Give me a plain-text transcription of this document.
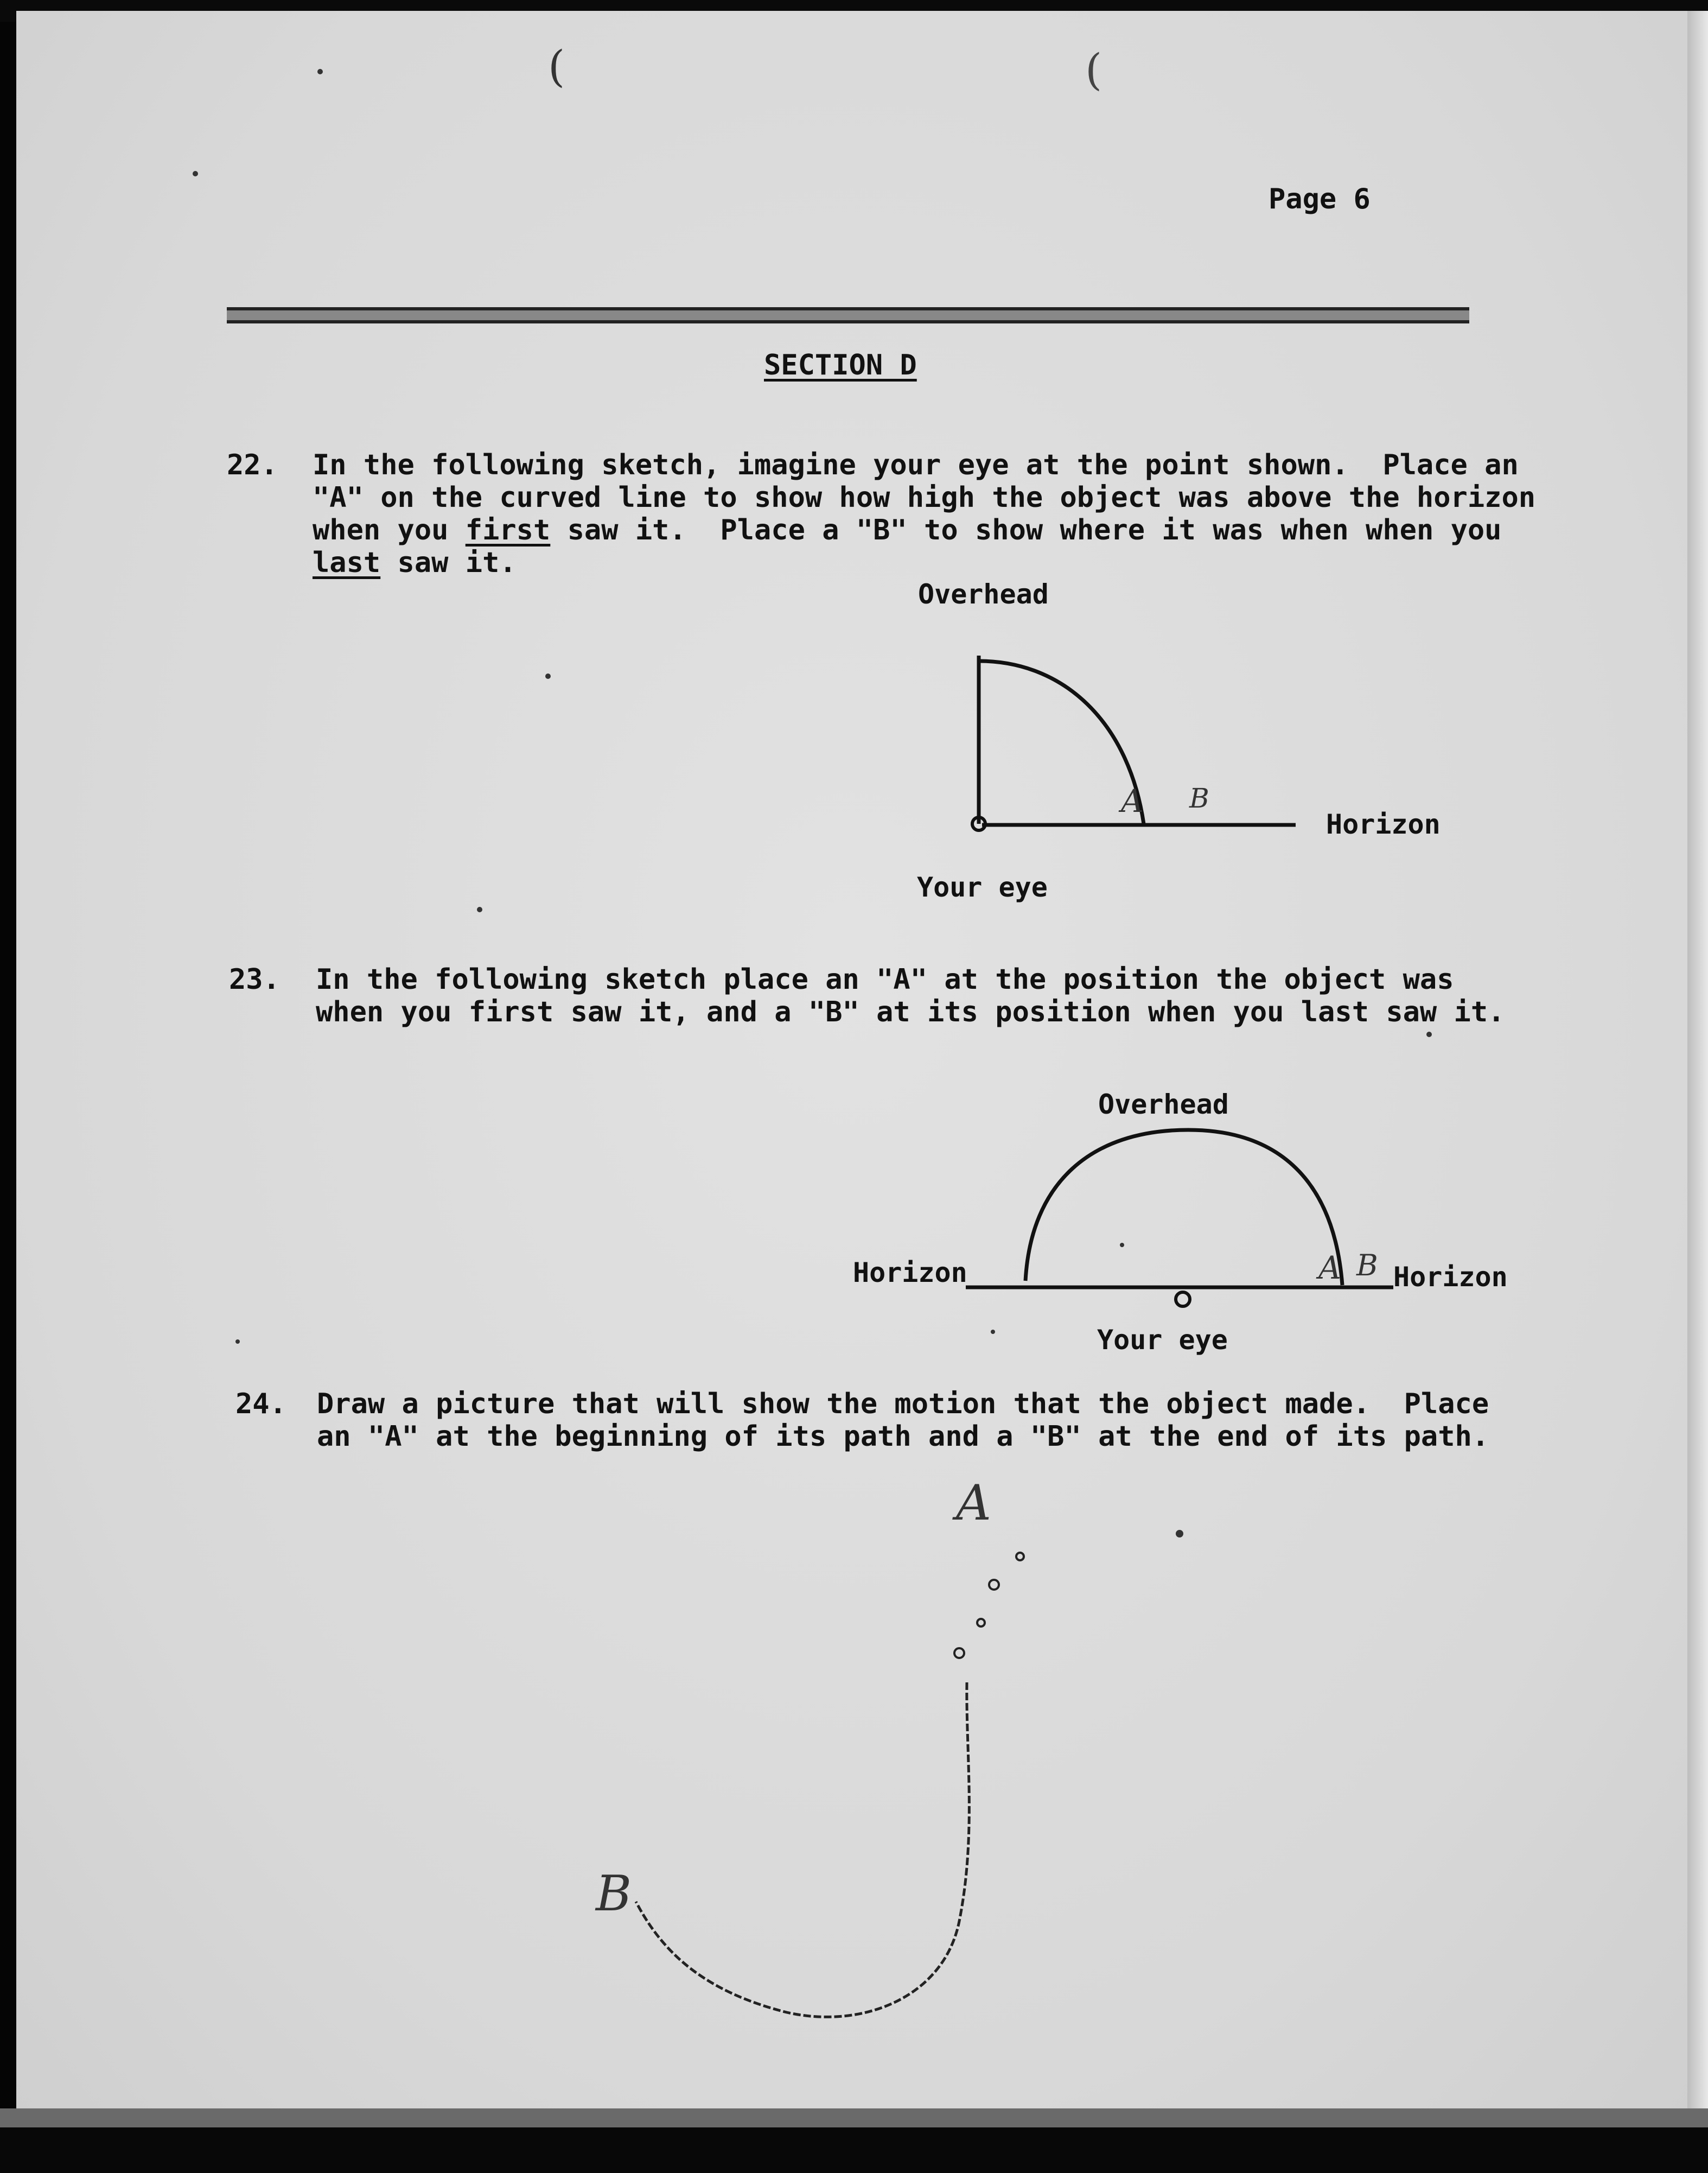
Page 6
SECTION D
22. In the following sketch, imagine your eye at the point shown.  Place an
"A" on the curved line to show how high the object was above the horizon
when you first saw it.  Place a "B" to show where it was when when you
last saw it.
23. In the following sketch place an "A" at the position the object was
when you first saw it, and a "B" at its position when you last saw it.
24. Draw a picture that will show the motion that the object made.  Place
an "A" at the beginning of its path and a "B" at the end of its path.
Overhead
Horizon
Your eye
Overhead
Horizon	Horizon
Your eye
A B
A B
A
B
(	(
